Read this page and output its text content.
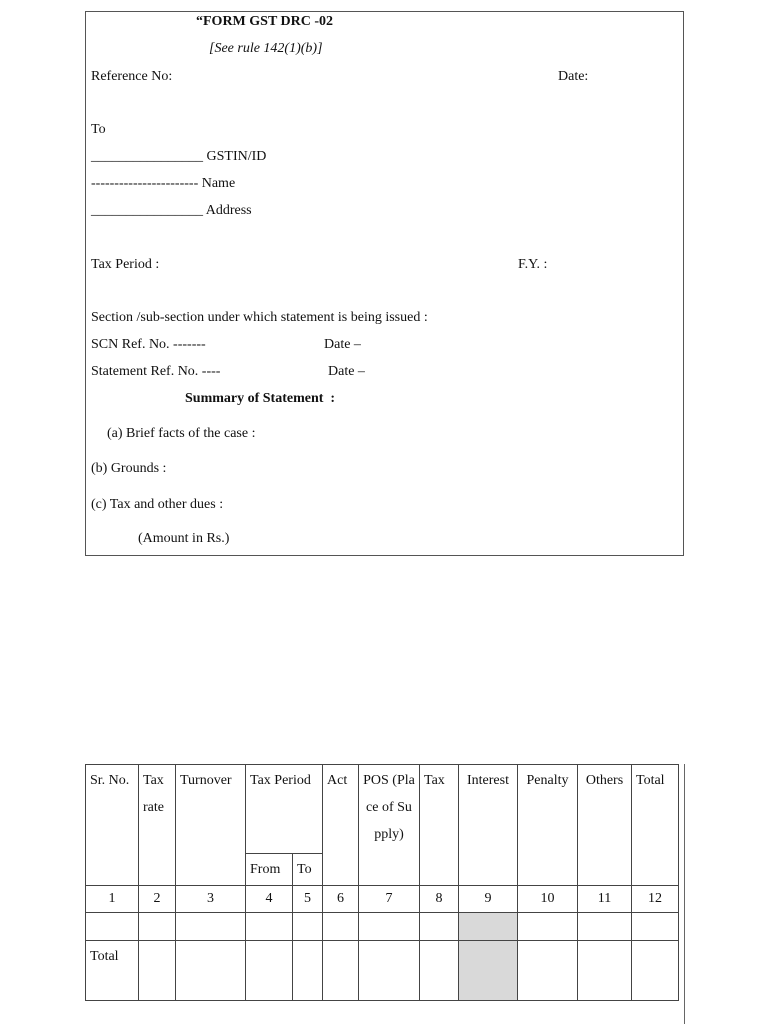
“FORM GST DRC -02
[See rule 142(1)(b)]
Reference No:	Date:
To
________________ GSTIN/ID
----------------------- Name
________________ Address
Tax Period :	F.Y. :
Section /sub-section under which statement is being issued :
SCN Ref. No. -------	Date –
Statement Ref. No. ----	Date –
Summary of Statement  :
(a) Brief facts of the case :
(b) Grounds :
(c) Tax and other dues :
(Amount in Rs.)
Sr. No.	Tax rate	Turnover	Tax Period		Act	POS (Place of Supply)	Tax	Interest	Penalty	Others	Total
			From	To							
1	2	3	4	5	6	7	8	9	10	11	12

Total											
